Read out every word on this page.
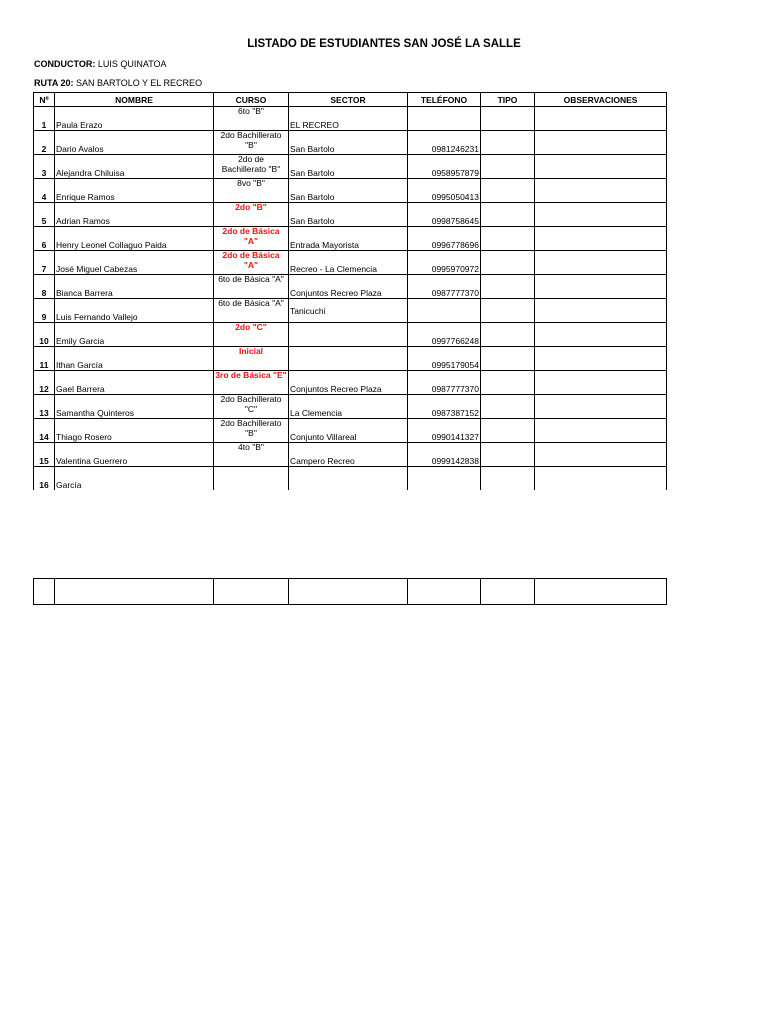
LISTADO DE ESTUDIANTES SAN JOSÉ LA SALLE
CONDUCTOR: LUIS QUINATOA
RUTA 20: SAN BARTOLO Y EL RECREO
Nº	NOMBRE	CURSO	SECTOR	TELÉFONO	TIPO	OBSERVACIONES
1	Paula Erazo	6to "B"	EL RECREO			
2	Dario Avalos	2do Bachillerato "B"	San Bartolo	0981246231		
3	Alejandra Chiluisa	2do de Bachillerato "B"	San Bartolo	0958957879		
4	Enrique Ramos	8vo "B"	San Bartolo	0995050413		
5	Adrian Ramos	2do "B"	San Bartolo	0998758645		
6	Henry Leonel Collaguo Paida	2do de Básica "A"	Entrada Mayorista	0996778696		
7	José Miguel Cabezas	2do de Básica "A"	Recreo - La Clemencia	0995970972		
8	Bianca Barrera	6to de Básica "A"	Conjuntos Recreo Plaza	0987777370		
9	Luis Fernando Vallejo	6to de Básica "A"	Tanicuchi			
10	Emily Garcia	2do "C"		0997766248		
11	Ithan García	Inicial		0995179054		
12	Gael Barrera	3ro de Básica "E"	Conjuntos Recreo Plaza	0987777370		
13	Samantha Quinteros	2do Bachillerato "C"	La Clemencia	0987387152		
14	Thiago Rosero	2do Bachillerato "B"	Conjunto Villareal	0990141327		
15	Valentina Guerrero	4to "B"	Campero Recreo	0999142838		
16	García					
